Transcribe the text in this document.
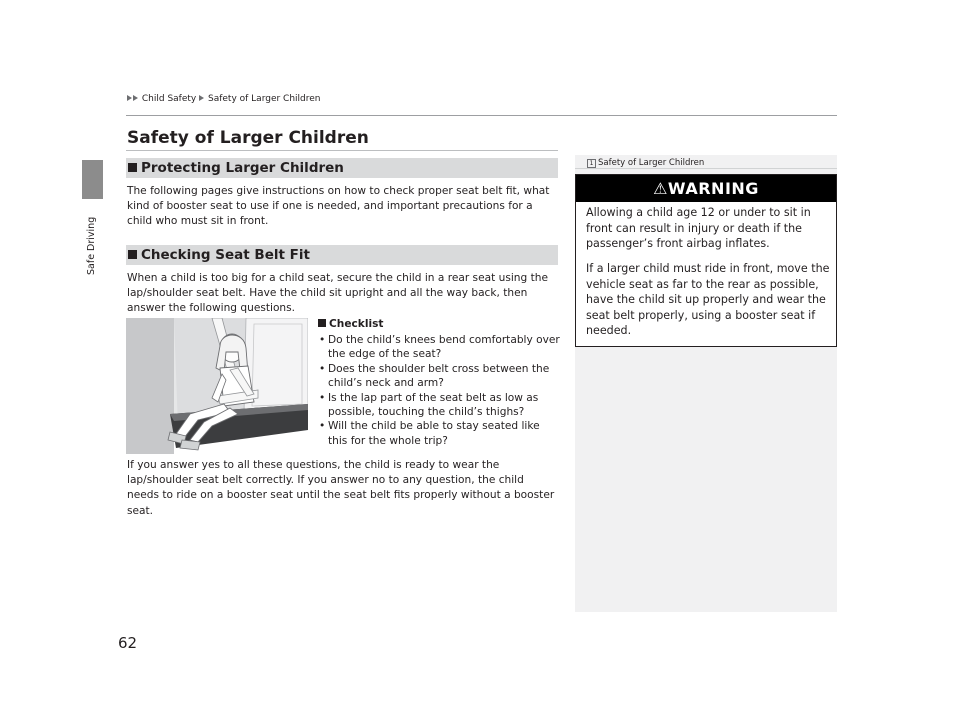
Safe Driving
Child Safety Safety of Larger Children
Safety of Larger Children
Protecting Larger Children
The following pages give instructions on how to check proper seat belt fit, what kind of booster seat to use if one is needed, and important precautions for a child who must sit in front.
Checking Seat Belt Fit
When a child is too big for a child seat, secure the child in a rear seat using the lap/shoulder seat belt. Have the child sit upright and all the way back, then answer the following questions.
Checklist
• Do the child’s knees bend comfortably over the edge of the seat?
• Does the shoulder belt cross between the child’s neck and arm?
• Is the lap part of the seat belt as low as possible, touching the child’s thighs?
• Will the child be able to stay seated like this for the whole trip?
If you answer yes to all these questions, the child is ready to wear the lap/shoulder seat belt correctly. If you answer no to any question, the child needs to ride on a booster seat until the seat belt fits properly without a booster seat.
1 Safety of Larger Children
⚠WARNING
Allowing a child age 12 or under to sit in front can result in injury or death if the passenger’s front airbag inflates.
If a larger child must ride in front, move the vehicle seat as far to the rear as possible, have the child sit up properly and wear the seat belt properly, using a booster seat if needed.
62
